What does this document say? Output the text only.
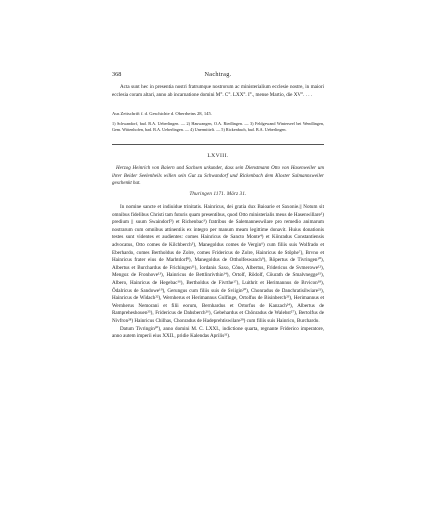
368	Nachtrag.

Acta sunt hec in presentia nostri fratrumque nostrorum ac ministerialium ecclesie nostre, in maiori ecclesia coram altari, anno ab incarnatione domini M°. C°. LXX°. I°., mense Martio, die XV°. . . .

Aus Zeitschrift f. d. Geschichte d. Oberrheins 28, 145.

1) Schwandorf, bad. B.A. Ueberlingen. — 2) Hauwangen, O.A. Riedlingen. — 3) Feldgewand Winterseel bei Wendlingen, Gem. Wittenhofen, bad. B.A. Ueberlingen. — 4) Unermittelt. — 5) Rickenbach, bad. B.A. Ueberlingen.

LXVIII.

Herzog Heinrich von Baiern und Sachsen urkundet, dass sein Dienstmann Otto von Hasenweiler um ihrer Beider Seelenheils willen sein Gut zu Schwandorf und Rickenbach dem Kloster Salmannsweiler geschenkt hat.

Thuringen 1171. März 31.

In nomine sancte et indiuidue trinitatis. Hainricus, dei gratia dux Baioarie et Saxonie.|| Notum sit omnibus fidelibus Christi tam futuris quam presentibus, quod Otto ministerialis meus de Hasenwillare¹) predium || suum Swaindorf²) et Richenbac³) fratribus de Salemanneswilare pro remedio animarum nostrarum cum omnibus attinentiis ex integro per manum meam legittime donavit. Huius donationis testes sunt videntes et audientes: comes Hainricus de Sancto Monte⁴) et Kônradus Constantiensis advocatus, Otto comes de Kilchberch⁵), Manegoldus comes de Vergin⁶) cum filiis suis Wolfrado et Eberhardo, comes Bertholdus de Zolre, comes Fridericus de Zolre, Hainricus de Stôphe⁷), Brvno et Hainricus frater eius de Marhtdorf⁸), Manegoldus de Ottholfeswanch⁹), Rôpertus de Tivringen¹⁰), Albertus et Burchardus de Frichingen¹¹), Iordanis Saxo, Côno, Albertus, Fridericus de Svmerowe¹²), Mengoz de Fronhove¹³), Hainricus de Bettlinrivthin¹⁴), Ortolf, Rôdolf, Côurath de Smalvnegge¹⁵), Albero, Hainricus de Hegebac¹⁶), Bertholdus de Fivrthe¹⁷), Luithrit et Herimannus de Brvicon¹⁸), Ôdalricus de Sandowe¹⁹), Gerungus cum filiis suis de Sviigin²⁰), Chonradus de Danchratisilwiare²¹), Hainricus de Widach²²), Wernherus et Herimannus Gulfinge, Ortolfus de Bisinberch²³), Herimannus et Wernherus Nemorani et filii eorum, Bernhardus et Ortorfus de Kanzach²⁴), Albertus de Rampreheshouen²⁵), Fridericus de Dahsberch²⁶), Gebehardus et Chônradus de Walehst²⁷), Bertolfus de Nivfron²⁸) Hainricus Chilhas, Chonradus de Hadeprehtiswilare²⁹) cum filiis suis Hainrico, Burchardo.

Datum Tivringin³⁰), anno domini M. C. LXXI., indictione quarta, regnante Friderico imperatore, anno autem imperii eius XXII., pridie Kalendas Aprilis³¹).
